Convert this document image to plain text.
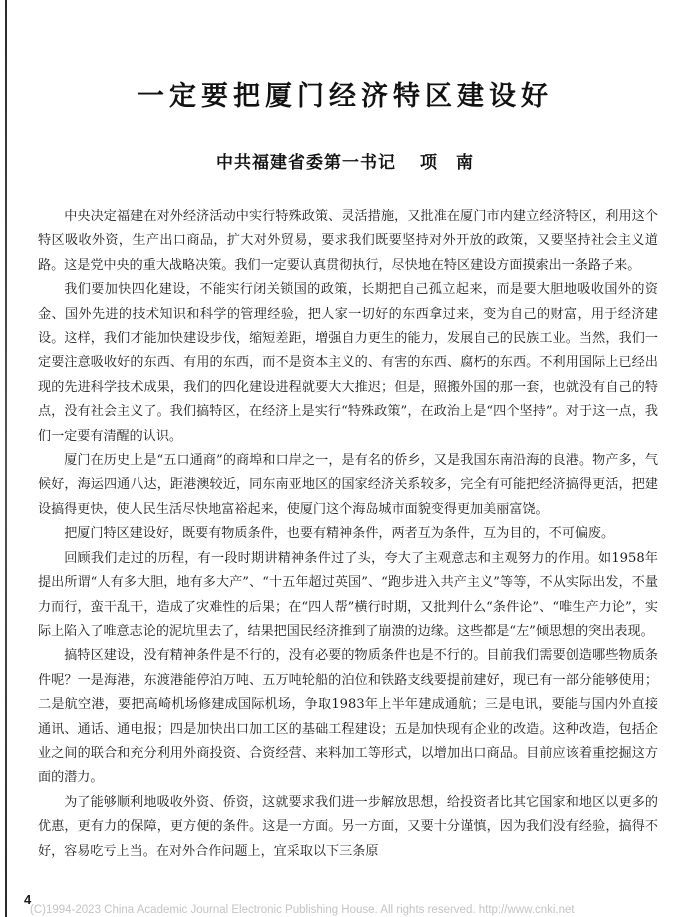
一定要把厦门经济特区建设好
中共福建省委第一书记 项　南

中央决定福建在对外经济活动中实行特殊政策、灵活措施，又批准在厦门市内建立经济特区，利用这个特区吸收外资，生产出口商品，扩大对外贸易，要求我们既要坚持对外开放的政策，又要坚持社会主义道路。这是党中央的重大战略决策。我们一定要认真贯彻执行，尽快地在特区建设方面摸索出一条路子来。

我们要加快四化建设，不能实行闭关锁国的政策，长期把自己孤立起来，而是要大胆地吸收国外的资金、国外先进的技术知识和科学的管理经验，把人家一切好的东西拿过来，变为自己的财富，用于经济建设。这样，我们才能加快建设步伐，缩短差距，增强自力更生的能力，发展自己的民族工业。当然，我们一定要注意吸收好的东西、有用的东西，而不是资本主义的、有害的东西、腐朽的东西。不利用国际上已经出现的先进科学技术成果，我们的四化建设进程就要大大推迟；但是，照搬外国的那一套，也就没有自己的特点，没有社会主义了。我们搞特区，在经济上是实行“特殊政策”，在政治上是“四个坚持”。对于这一点，我们一定要有清醒的认识。

厦门在历史上是“五口通商”的商埠和口岸之一，是有名的侨乡，又是我国东南沿海的良港。物产多，气候好，海运四通八达，距港澳较近，同东南亚地区的国家经济关系较多，完全有可能把经济搞得更活，把建设搞得更快，使人民生活尽快地富裕起来，使厦门这个海岛城市面貌变得更加美丽富饶。

把厦门特区建设好，既要有物质条件，也要有精神条件，两者互为条件，互为目的，不可偏废。

回顾我们走过的历程，有一段时期讲精神条件过了头，夸大了主观意志和主观努力的作用。如1958年提出所谓“人有多大胆，地有多大产”、“十五年超过英国”、“跑步进入共产主义”等等，不从实际出发，不量力而行，蛮干乱干，造成了灾难性的后果；在“四人帮”横行时期，又批判什么“条件论”、“唯生产力论”，实际上陷入了唯意志论的泥坑里去了，结果把国民经济推到了崩溃的边缘。这些都是“左”倾思想的突出表现。

搞特区建设，没有精神条件是不行的，没有必要的物质条件也是不行的。目前我们需要创造哪些物质条件呢？一是海港，东渡港能停泊万吨、五万吨轮船的泊位和铁路支线要提前建好，现已有一部分能够使用；二是航空港，要把高崎机场修建成国际机场，争取1983年上半年建成通航；三是电讯，要能与国内外直接通讯、通话、通电报；四是加快出口加工区的基础工程建设；五是加快现有企业的改造。这种改造，包括企业之间的联合和充分利用外商投资、合资经营、来料加工等形式，以增加出口商品。目前应该着重挖掘这方面的潜力。

为了能够顺利地吸收外资、侨资，这就要求我们进一步解放思想，给投资者比其它国家和地区以更多的优惠，更有力的保障，更方便的条件。这是一方面。另一方面，又要十分谨慎，因为我们没有经验，搞得不好，容易吃亏上当。在对外合作问题上，宜采取以下三条原

4
(C)1994-2023 China Academic Journal Electronic Publishing House. All rights reserved. http://www.cnki.net
